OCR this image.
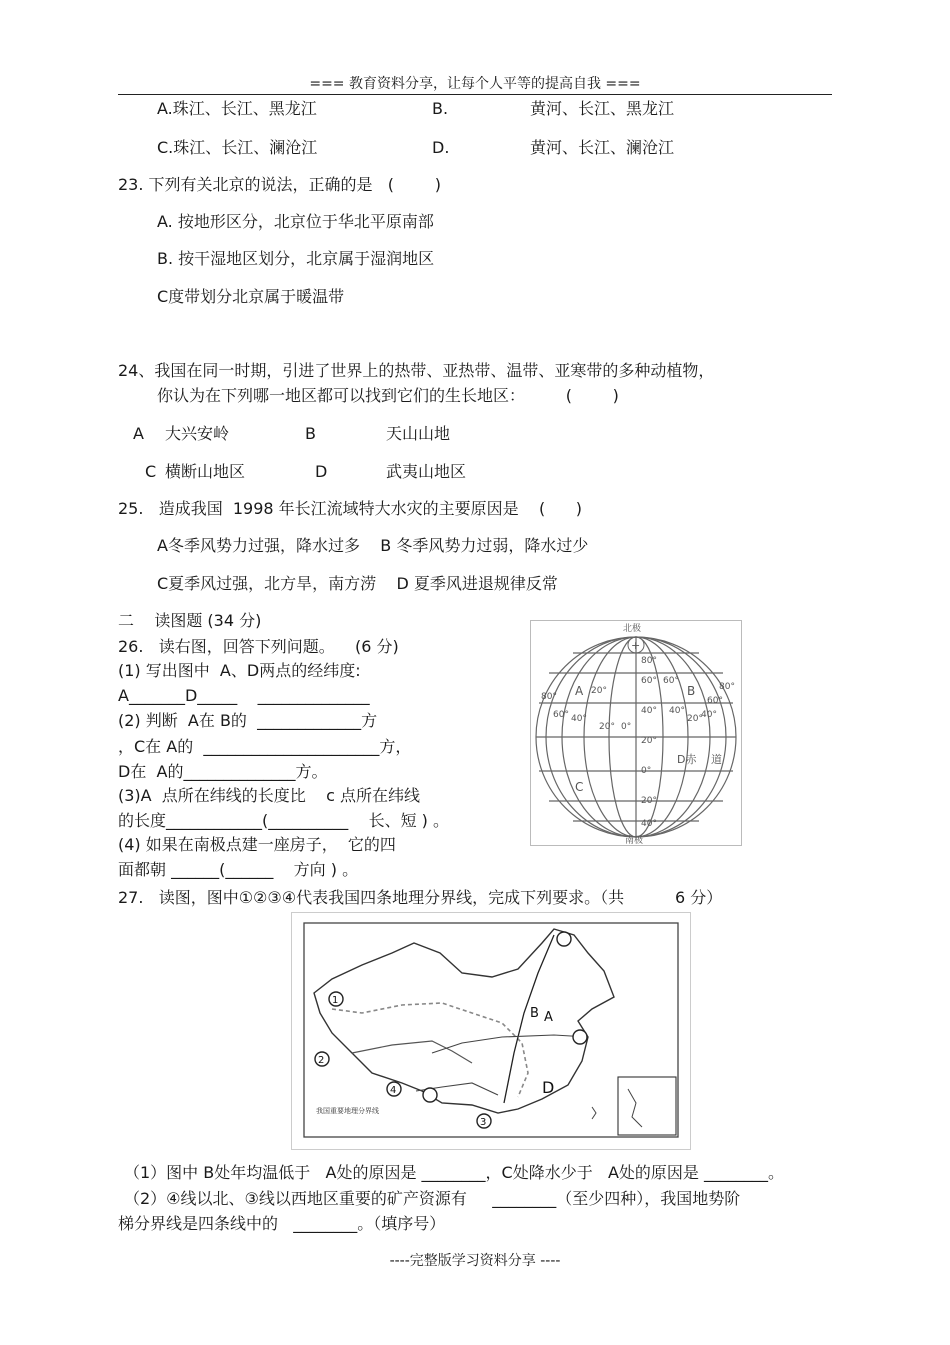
=== 教育资料分享，让每个人平等的提高自我 ===
A.珠江、长江、黑龙江	B.	黄河、长江、黑龙江
C.珠江、长江、澜沧江	D.	黄河、长江、澜沧江
23. 下列有关北京的说法，正确的是   (        )
A. 按地形区分，北京位于华北平原南部
B. 按干湿地区划分，北京属于湿润地区
C度带划分北京属于暖温带
24、我国在同一时期，引进了世界上的热带、亚热带、温带、亚寒带的多种动植物，
你认为在下列哪一地区都可以找到它们的生长地区：        (        )
A 大兴安岭	B	天山山地
C 横断山地区	D	武夷山地区
25.   造成我国  1998 年长江流域特大水灾的主要原因是    (      )
A冬季风势力过强，降水过多    B 冬季风势力过弱，降水过少
C夏季风过强，北方旱，南方涝    D 夏季风进退规律反常
二    读图题 (34 分)
26.   读右图，回答下列问题。    (6 分)
(1) 写出图中  A、D两点的经纬度:
A_______D_____    ______________
(2) 判断  A在 B的  _____________方
，C在 A的  ______________________方，
D在  A的______________方。
(3)A  点所在纬线的长度比    c 点所在纬线
的长度____________(__________    长、短 ) 。
(4) 如果在南极点建一座房子，  它的四
面都朝 ______(______    方向 ) 。
+
北极
南极
80°
60°
40°
20°
0°
20°
40°
80°
60° 40°
20° 0°
40°
20°
40°
60°
80°
60°
20°
A	B
C
D赤 道
27.   读图，图中①②③④代表我国四条地理分界线，完成下列要求。（共          6 分）
1
2
3
4
B A
D
我国重要地理分界线
（1）图中 B处年均温低于   A处的原因是 ________，C处降水少于   A处的原因是 ________。
（2）④线以北、③线以西地区重要的矿产资源有     ________（至少四种），我国地势阶
梯分界线是四条线中的   ________。（填序号）
----完整版学习资料分享 ----
